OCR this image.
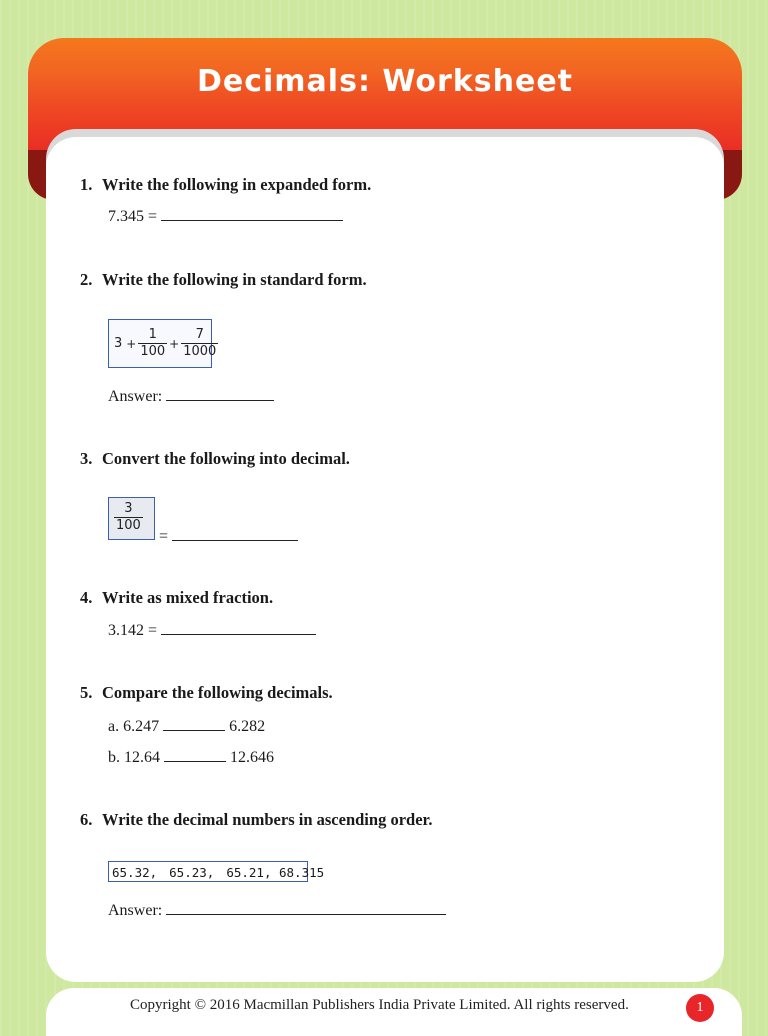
Decimals: Worksheet
1. Write the following in expanded form.
7.345 =
2. Write the following in standard form.
$3 + \frac{1}{100} + \frac{7}{1000}$
Answer:
3. Convert the following into decimal.
$\frac{3}{100}$
=
4. Write as mixed fraction.
3.142 =
5. Compare the following decimals.
a. 6.247	6.282
b. 12.64	12.646
6. Write the decimal numbers in ascending order.
65.32, 65.23, 65.21, 68.315
Answer:
Copyright © 2016 Macmillan Publishers India Private Limited. All rights reserved.	1
